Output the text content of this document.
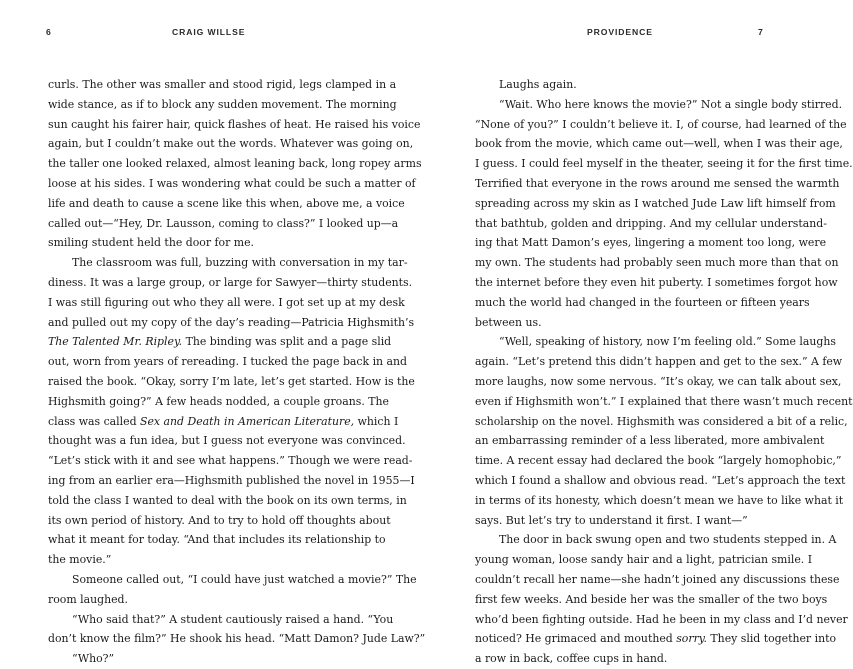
6	CRAIG WILLSE

curls. The other was smaller and stood rigid, legs clamped in a
wide stance, as if to block any sudden movement. The morning
sun caught his fairer hair, quick flashes of heat. He raised his voice
again, but I couldn’t make out the words. Whatever was going on,
the taller one looked relaxed, almost leaning back, long ropey arms
loose at his sides. I was wondering what could be such a matter of
life and death to cause a scene like this when, above me, a voice
called out—“Hey, Dr. Lausson, coming to class?” I looked up—a
smiling student held the door for me.

The classroom was full, buzzing with conversation in my tar-
diness. It was a large group, or large for Sawyer—thirty students.
I was still figuring out who they all were. I got set up at my desk
and pulled out my copy of the day’s reading—Patricia Highsmith’s
The Talented Mr. Ripley. The binding was split and a page slid
out, worn from years of rereading. I tucked the page back in and
raised the book. “Okay, sorry I’m late, let’s get started. How is the
Highsmith going?” A few heads nodded, a couple groans. The
class was called Sex and Death in American Literature, which I
thought was a fun idea, but I guess not everyone was convinced.
“Let’s stick with it and see what happens.” Though we were read-
ing from an earlier era—Highsmith published the novel in 1955—I
told the class I wanted to deal with the book on its own terms, in
its own period of history. And to try to hold off thoughts about
what it meant for today. “And that includes its relationship to
the movie.”

Someone called out, “I could have just watched a movie?” The
room laughed.

“Who said that?” A student cautiously raised a hand. “You
don’t know the film?” He shook his head. “Matt Damon? Jude Law?”

“Who?”

PROVIDENCE	7

Laughs again.

“Wait. Who here knows the movie?” Not a single body stirred.
“None of you?” I couldn’t believe it. I, of course, had learned of the
book from the movie, which came out—well, when I was their age,
I guess. I could feel myself in the theater, seeing it for the first time.
Terrified that everyone in the rows around me sensed the warmth
spreading across my skin as I watched Jude Law lift himself from
that bathtub, golden and dripping. And my cellular understand-
ing that Matt Damon’s eyes, lingering a moment too long, were
my own. The students had probably seen much more than that on
the internet before they even hit puberty. I sometimes forgot how
much the world had changed in the fourteen or fifteen years
between us.

“Well, speaking of history, now I’m feeling old.” Some laughs
again. “Let’s pretend this didn’t happen and get to the sex.” A few
more laughs, now some nervous. “It’s okay, we can talk about sex,
even if Highsmith won’t.” I explained that there wasn’t much recent
scholarship on the novel. Highsmith was considered a bit of a relic,
an embarrassing reminder of a less liberated, more ambivalent
time. A recent essay had declared the book “largely homophobic,”
which I found a shallow and obvious read. “Let’s approach the text
in terms of its honesty, which doesn’t mean we have to like what it
says. But let’s try to understand it first. I want—”

The door in back swung open and two students stepped in. A
young woman, loose sandy hair and a light, patrician smile. I
couldn’t recall her name—she hadn’t joined any discussions these
first few weeks. And beside her was the smaller of the two boys
who’d been fighting outside. Had he been in my class and I’d never
noticed? He grimaced and mouthed sorry. They slid together into
a row in back, coffee cups in hand.
